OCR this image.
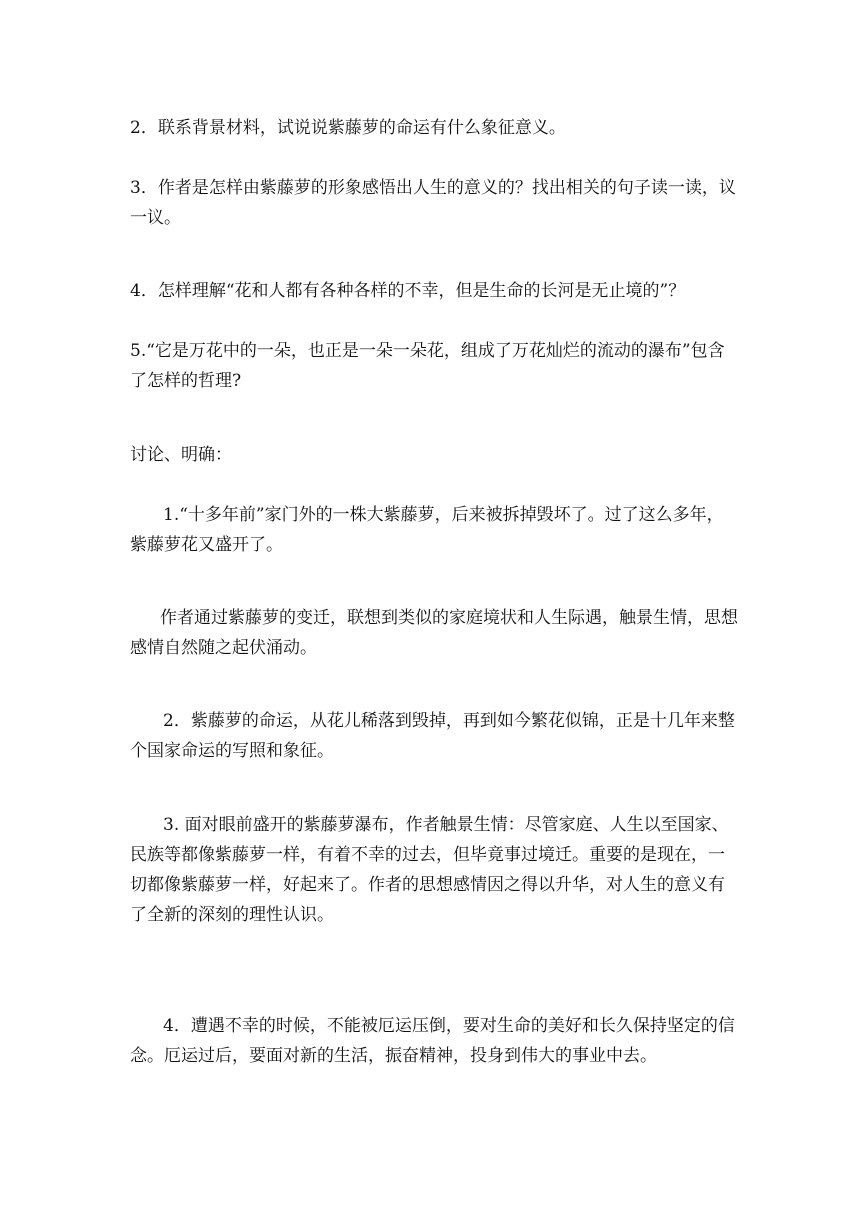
2．联系背景材料，试说说紫藤萝的命运有什么象征意义。

3．作者是怎样由紫藤萝的形象感悟出人生的意义的？找出相关的句子读一读，议一议。

4．怎样理解“花和人都有各种各样的不幸，但是生命的长河是无止境的”？

5.“它是万花中的一朵，也正是一朵一朵花，组成了万花灿烂的流动的瀑布”包含了怎样的哲理?

讨论、明确：

1.“十多年前”家门外的一株大紫藤萝，后来被拆掉毁坏了。过了这么多年，紫藤萝花又盛开了。

作者通过紫藤萝的变迁，联想到类似的家庭境状和人生际遇，触景生情，思想感情自然随之起伏涌动。

2．紫藤萝的命运，从花儿稀落到毁掉，再到如今繁花似锦，正是十几年来整个国家命运的写照和象征。

3. 面对眼前盛开的紫藤萝瀑布，作者触景生情：尽管家庭、人生以至国家、民族等都像紫藤萝一样，有着不幸的过去，但毕竟事过境迁。重要的是现在，一切都像紫藤萝一样，好起来了。作者的思想感情因之得以升华，对人生的意义有了全新的深刻的理性认识。

4．遭遇不幸的时候，不能被厄运压倒，要对生命的美好和长久保持坚定的信念。厄运过后，要面对新的生活，振奋精神，投身到伟大的事业中去。
